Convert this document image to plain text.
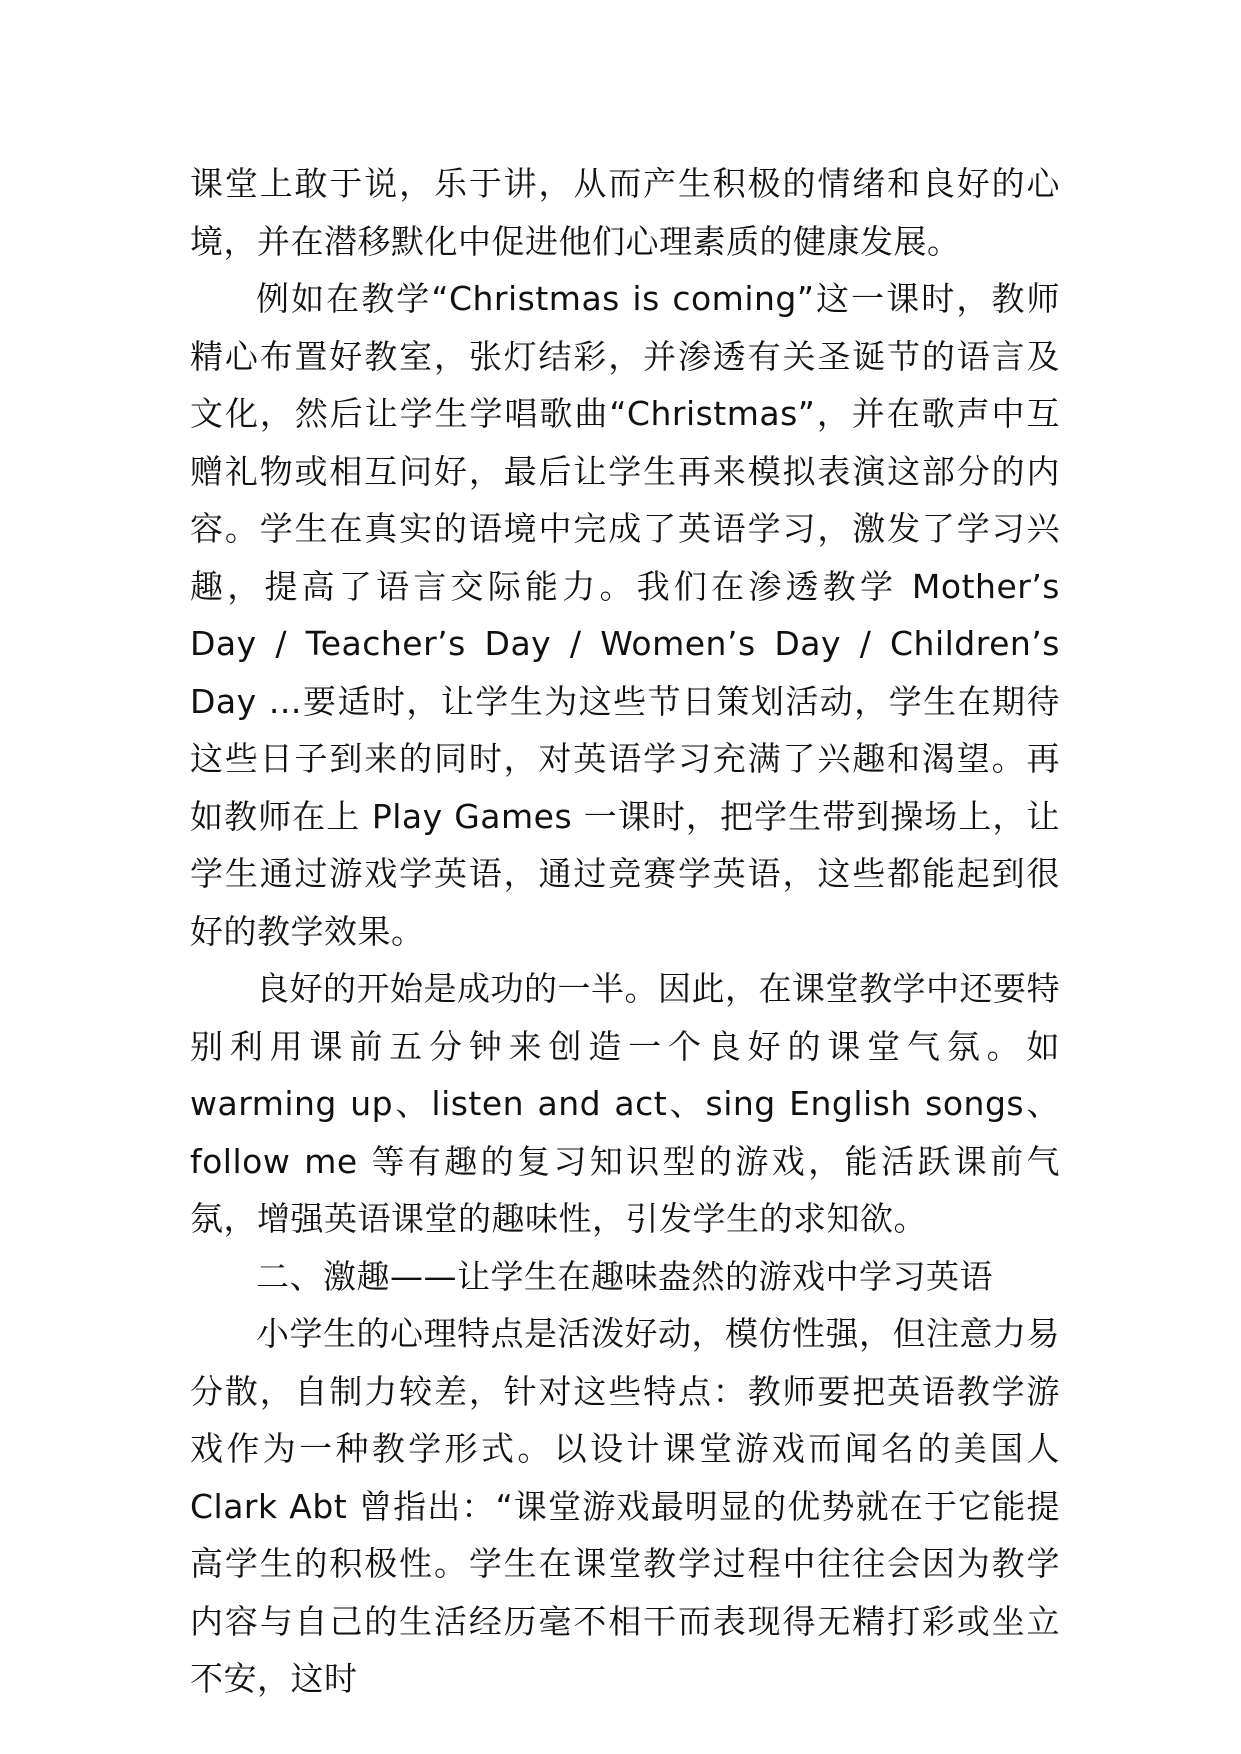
课堂上敢于说，乐于讲，从而产生积极的情绪和良好的心境，并在潜移默化中促进他们心理素质的健康发展。

例如在教学“Christmas is coming”这一课时，教师精心布置好教室，张灯结彩，并渗透有关圣诞节的语言及文化，然后让学生学唱歌曲“Christmas”，并在歌声中互赠礼物或相互问好，最后让学生再来模拟表演这部分的内容。学生在真实的语境中完成了英语学习，激发了学习兴趣，提高了语言交际能力。我们在渗透教学 Mother’s Day / Teacher’s Day / Women’s Day / Children’s Day …要适时，让学生为这些节日策划活动，学生在期待这些日子到来的同时，对英语学习充满了兴趣和渴望。再如教师在上 Play Games 一课时，把学生带到操场上，让学生通过游戏学英语，通过竞赛学英语，这些都能起到很好的教学效果。

良好的开始是成功的一半。因此，在课堂教学中还要特别利用课前五分钟来创造一个良好的课堂气氛。如 warming up、listen and act、sing English songs、follow me 等有趣的复习知识型的游戏，能活跃课前气氛，增强英语课堂的趣味性，引发学生的求知欲。

二、激趣——让学生在趣味盎然的游戏中学习英语

小学生的心理特点是活泼好动，模仿性强，但注意力易分散，自制力较差，针对这些特点：教师要把英语教学游戏作为一种教学形式。以设计课堂游戏而闻名的美国人 Clark Abt 曾指出：“课堂游戏最明显的优势就在于它能提高学生的积极性。学生在课堂教学过程中往往会因为教学内容与自己的生活经历毫不相干而表现得无精打彩或坐立不安，这时
